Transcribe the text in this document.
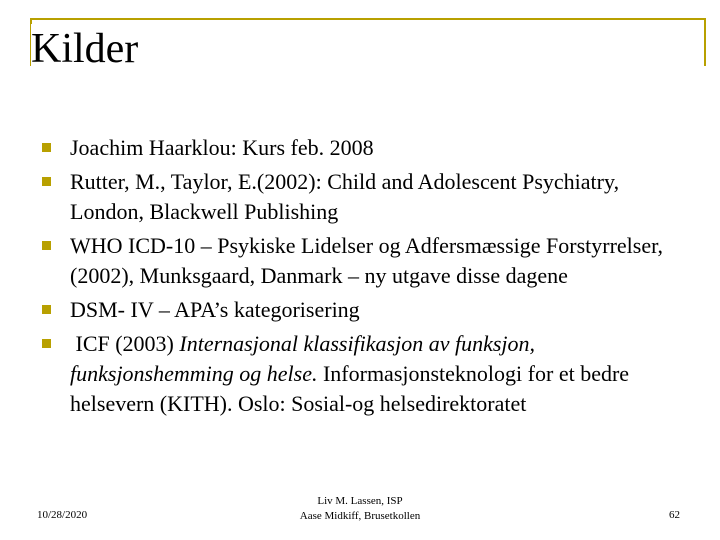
Kilder
Joachim Haarklou: Kurs feb. 2008
Rutter, M., Taylor, E.(2002): Child and Adolescent Psychiatry, London, Blackwell Publishing
WHO ICD-10 – Psykiske Lidelser og Adfersmæssige Forstyrrelser, (2002), Munksgaard, Danmark – ny utgave disse dagene
DSM- IV – APA’s kategorisering
ICF (2003) Internasjonal klassifikasjon av funksjon, funksjonshemming og helse. Informasjonsteknologi for et bedre helsevern (KITH). Oslo: Sosial-og helsedirektoratet
10/28/2020
Liv M. Lassen, ISP
Aase Midkiff, Brusetkollen	62
